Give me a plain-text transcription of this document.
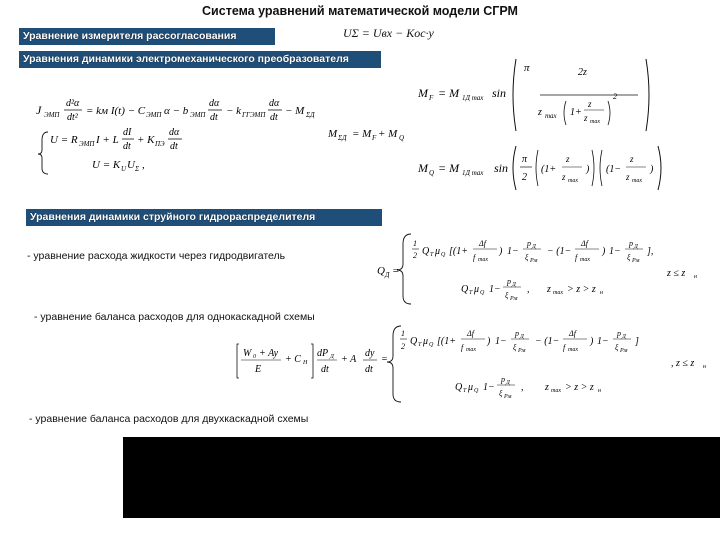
Система уравнений математической модели СГРМ
Уравнение измерителя рассогласования	UΣ = Uвх − Kос·y
Уравнения динамики электромеханического преобразователя
J ЭМП
d²α
dt²
= kм I(t) − C ЭМП α − b ЭМП
dα
dt
− k ГГЭМП
dα
dt
− M ΣД
U = R ЭМП I + L
dI
dt
+ K ПЭ
dα
dt
U = K U U Σ ,
M ΣД = M F + M Q
M F = M 1Д max sin
π	2z
z max 1+
z
z max
2
M Q = M 1Д max sin
π
2
(1+
z
z max
) (1−
z
z max
)
Уравнения динамики струйного гидрораспределителя
- уравнение расхода жидкости через гидродвигатель
Q Д =
1
2 Q Т μ Q [(1+
Δf
f max
) 1−
p Д
ξ Pм
− (1−
Δf
f max
) 1−
p Д
ξ Pм
],
z ≤ z н
Q Т μ Q 1−
p Д
ξ Pм
, z max > z > z н
- уравнение баланса расходов для однокаскадной схемы
W 0 + Ay
E
+ C Н
dP Д
dt
+ A
dy
dt
=
1
2 Q Т μ Q [(1+
Δf
f max
) 1−
p Д
ξ Pм
− (1−
Δf
f max
) 1−
p Д
ξ Pм
]
, z ≤ z н
Q Т μ Q 1−
p Д
ξ Pм
, z max > z > z н
- уравнение баланса расходов для двухкаскадной схемы
